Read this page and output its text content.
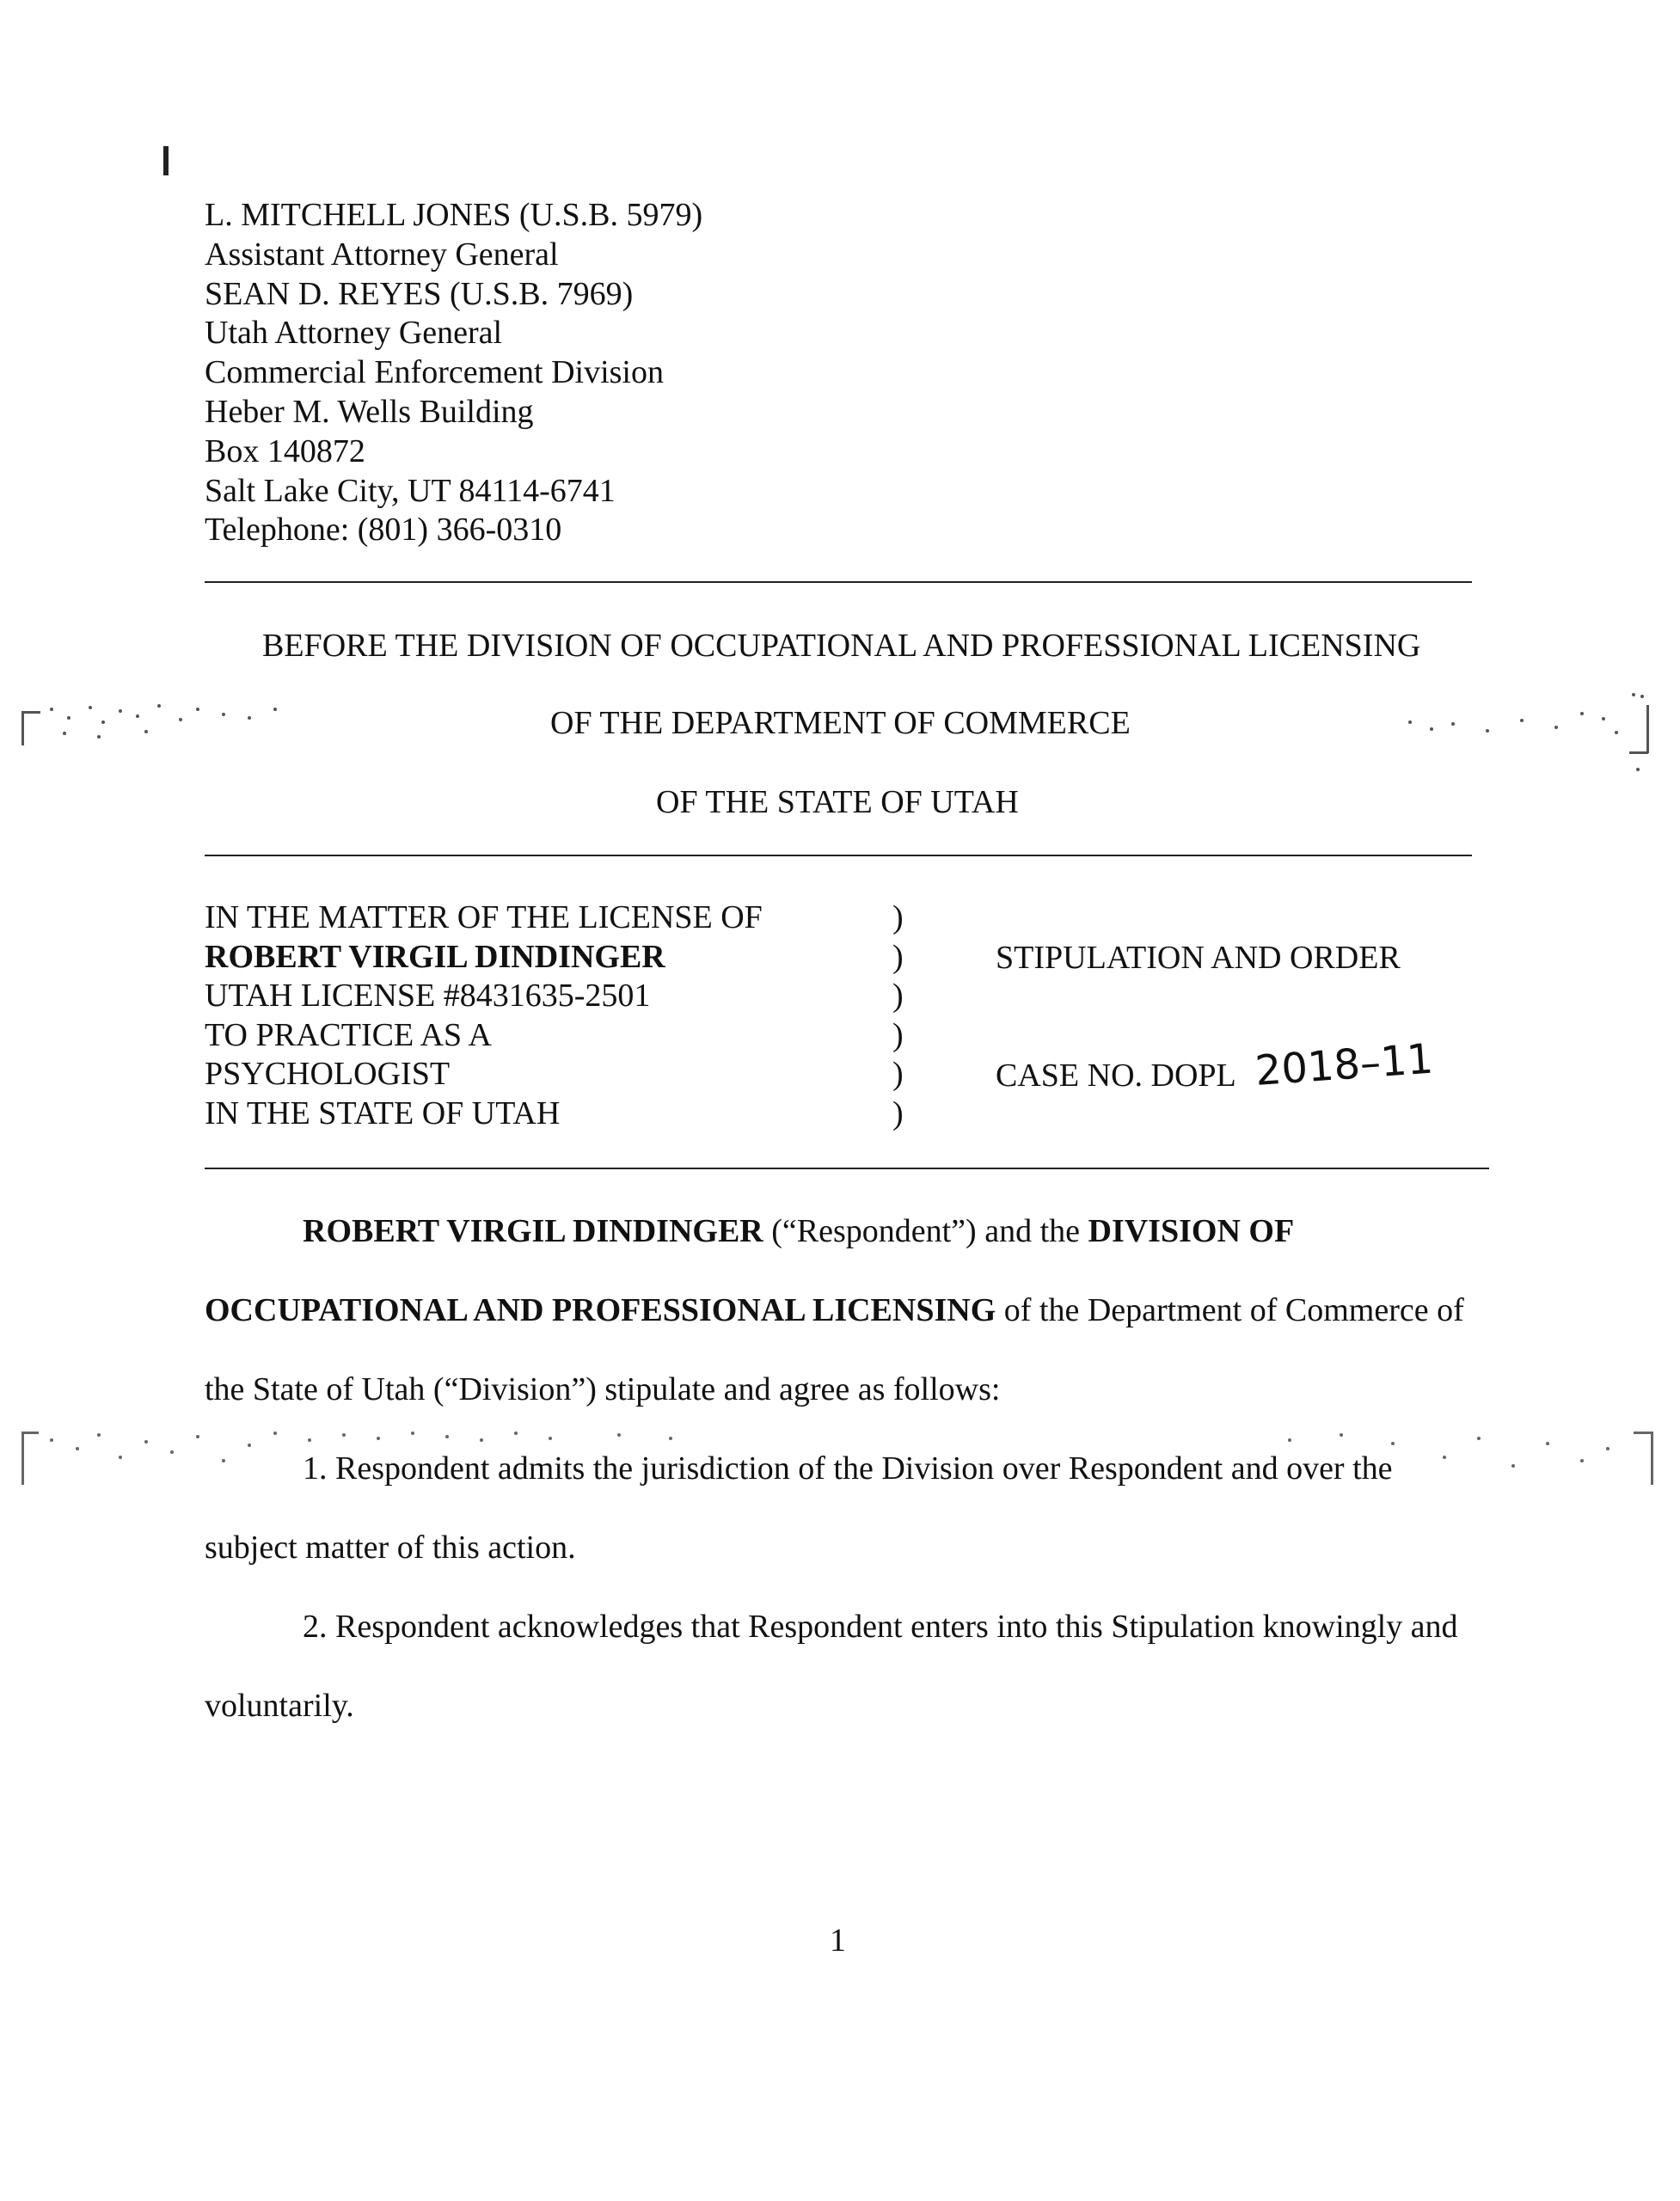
L. MITCHELL JONES (U.S.B. 5979)
Assistant Attorney General
SEAN D. REYES (U.S.B. 7969)
Utah Attorney General
Commercial Enforcement Division
Heber M. Wells Building
Box 140872
Salt Lake City, UT 84114-6741
Telephone: (801) 366-0310
BEFORE THE DIVISION OF OCCUPATIONAL AND PROFESSIONAL LICENSING
OF THE DEPARTMENT OF COMMERCE
OF THE STATE OF UTAH
IN THE MATTER OF THE LICENSE OF
ROBERT VIRGIL DINDINGER
UTAH LICENSE #8431635-2501
TO PRACTICE AS A
PSYCHOLOGIST
IN THE STATE OF UTAH
)
)
)
)
)
)
STIPULATION AND ORDER
CASE NO. DOPL 2018–11
ROBERT VIRGIL DINDINGER (“Respondent”) and the DIVISION OF
OCCUPATIONAL AND PROFESSIONAL LICENSING of the Department of Commerce of
the State of Utah (“Division”) stipulate and agree as follows:
1. Respondent admits the jurisdiction of the Division over Respondent and over the
subject matter of this action.
2. Respondent acknowledges that Respondent enters into this Stipulation knowingly and
voluntarily.
1
